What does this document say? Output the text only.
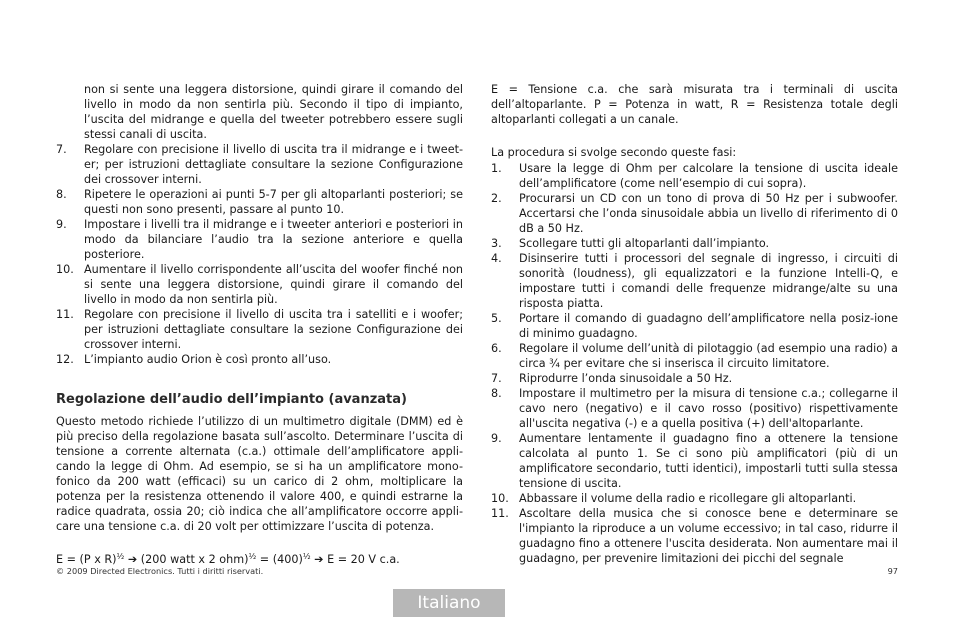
non si sente una leggera distorsione, quindi girare il comando del livello in modo da non sentirla più. Secondo il tipo di impianto, l’uscita del midrange e quella del tweeter potrebbero essere sugli stessi canali di uscita.
7. Regolare con precisione il livello di uscita tra il midrange e i tweet-er; per istruzioni dettagliate consultare la sezione Configurazione dei crossover interni.
8. Ripetere le operazioni ai punti 5-7 per gli altoparlanti posteriori; se questi non sono presenti, passare al punto 10.
9. Impostare i livelli tra il midrange e i tweeter anteriori e posteriori in modo da bilanciare l’audio tra la sezione anteriore e quella posteriore.
10. Aumentare il livello corrispondente all’uscita del woofer finché non si sente una leggera distorsione, quindi girare il comando del livello in modo da non sentirla più.
11. Regolare con precisione il livello di uscita tra i satelliti e i woofer; per istruzioni dettagliate consultare la sezione Configurazione dei crossover interni.
12. L’impianto audio Orion è così pronto all’uso.
Regolazione dell’audio dell’impianto (avanzata)

Questo metodo richiede l’utilizzo di un multimetro digitale (DMM) ed è più preciso della regolazione basata sull’ascolto. Determinare l’uscita di tensione a corrente alternata (c.a.) ottimale dell’amplificatore appli-cando la legge di Ohm. Ad esempio, se si ha un amplificatore mono-fonico da 200 watt (efficaci) su un carico di 2 ohm, moltiplicare la potenza per la resistenza ottenendo il valore 400, e quindi estrarne la radice quadrata, ossia 20; ciò indica che all’amplificatore occorre appli-care una tensione c.a. di 20 volt per ottimizzare l’uscita di potenza.

E = (P x R)$^{\frac{1}{2}}$ ➔ (200 watt x 2 $ohm)^{\frac{1}{2}} = (400)^{\frac{1}{2}}$ ➔ E = 20 V c.a.

E = Tensione c.a. che sarà misurata tra i terminali di uscita dell’altoparlante. P = Potenza in watt, R = Resistenza totale degli altoparlanti collegati a un canale.

La procedura si svolge secondo queste fasi:

1. Usare la legge di Ohm per calcolare la tensione di uscita ideale dell’amplificatore (come nell’esempio di cui sopra).
2. Procurarsi un CD con un tono di prova di 50 Hz per i subwoofer. Accertarsi che l’onda sinusoidale abbia un livello di riferimento di 0 dB a 50 Hz.
3. Scollegare tutti gli altoparlanti dall’impianto.
4. Disinserire tutti i processori del segnale di ingresso, i circuiti di sonorità (loudness), gli equalizzatori e la funzione Intelli-Q, e impostare tutti i comandi delle frequenze midrange/alte su una risposta piatta.
5. Portare il comando di guadagno dell’amplificatore nella posiz-ione di minimo guadagno.
6. Regolare il volume dell’unità di pilotaggio (ad esempio una radio) a circa ¾ per evitare che si inserisca il circuito limitatore.
7. Riprodurre l’onda sinusoidale a 50 Hz.
8. Impostare il multimetro per la misura di tensione c.a.; collegarne il cavo nero (negativo) e il cavo rosso (positivo) rispettivamente all'uscita negativa (-) e a quella positiva (+) dell'altoparlante.
9. Aumentare lentamente il guadagno fino a ottenere la tensione calcolata al punto 1. Se ci sono più amplificatori (più di un amplificatore secondario, tutti identici), impostarli tutti sulla stessa tensione di uscita.
10. Abbassare il volume della radio e ricollegare gli altoparlanti.
11. Ascoltare della musica che si conosce bene e determinare se l'impianto la riproduce a un volume eccessivo; in tal caso, ridurre il guadagno fino a ottenere l'uscita desiderata. Non aumentare mai il guadagno, per prevenire limitazioni dei picchi del segnale
© 2009 Directed Electronics. Tutti i diritti riservati.	97
Italiano
